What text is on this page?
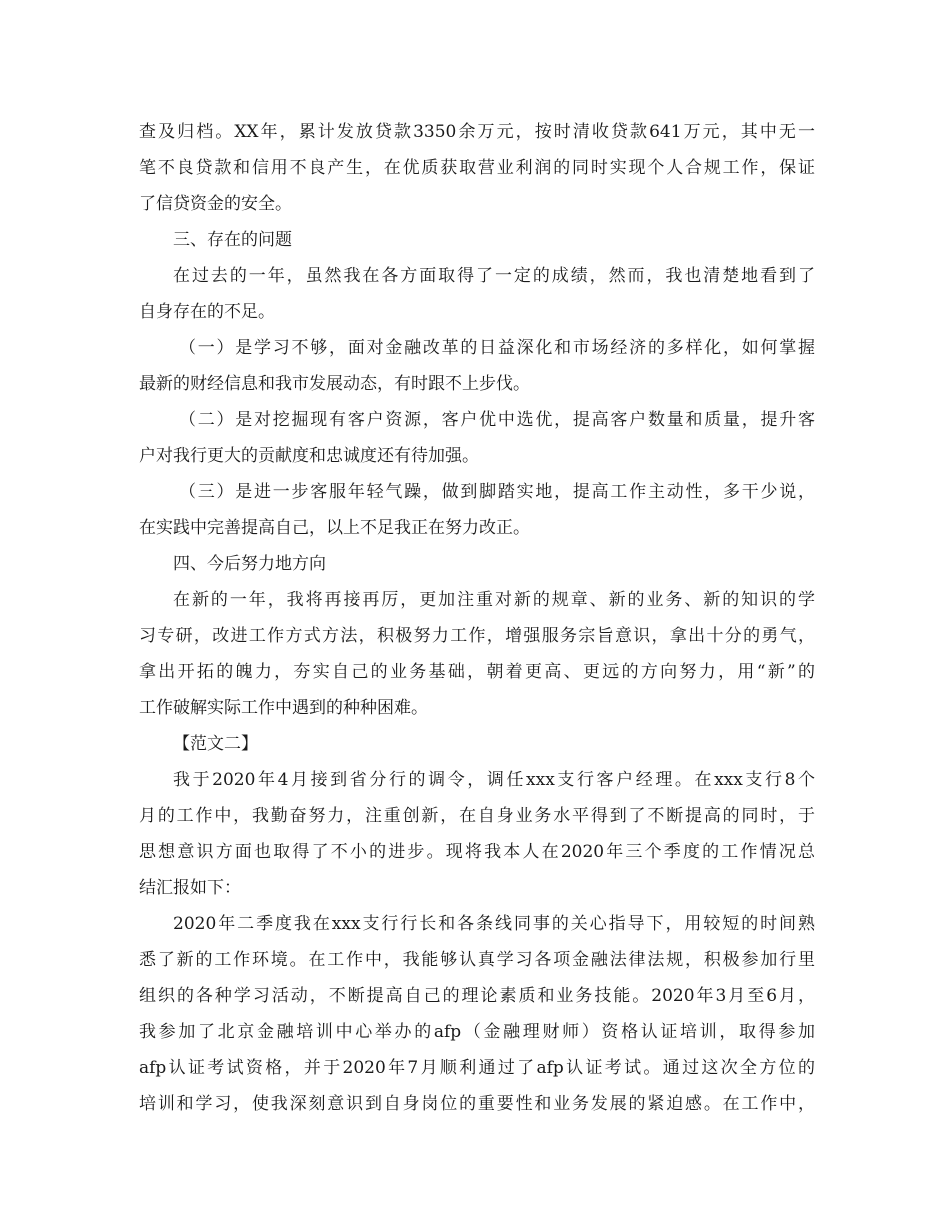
查及归档。XX年，累计发放贷款3350余万元，按时清收贷款641万元，其中无一
笔不良贷款和信用不良产生，在优质获取营业利润的同时实现个人合规工作，保证
了信贷资金的安全。
三、存在的问题
在过去的一年，虽然我在各方面取得了一定的成绩，然而，我也清楚地看到了
自身存在的不足。
（一）是学习不够，面对金融改革的日益深化和市场经济的多样化，如何掌握
最新的财经信息和我市发展动态，有时跟不上步伐。
（二）是对挖掘现有客户资源，客户优中选优，提高客户数量和质量，提升客
户对我行更大的贡献度和忠诚度还有待加强。
（三）是进一步客服年轻气躁，做到脚踏实地，提高工作主动性，多干少说，
在实践中完善提高自己，以上不足我正在努力改正。
四、今后努力地方向
在新的一年，我将再接再厉，更加注重对新的规章、新的业务、新的知识的学
习专研，改进工作方式方法，积极努力工作，增强服务宗旨意识，拿出十分的勇气，
拿出开拓的魄力，夯实自己的业务基础，朝着更高、更远的方向努力，用“新”的
工作破解实际工作中遇到的种种困难。
【范文二】
我于2020年4月接到省分行的调令，调任xxx支行客户经理。在xxx支行8个
月的工作中，我勤奋努力，注重创新，在自身业务水平得到了不断提高的同时，于
思想意识方面也取得了不小的进步。现将我本人在2020年三个季度的工作情况总
结汇报如下：
2020年二季度我在xxx支行行长和各条线同事的关心指导下，用较短的时间熟
悉了新的工作环境。在工作中，我能够认真学习各项金融法律法规，积极参加行里
组织的各种学习活动，不断提高自己的理论素质和业务技能。2020年3月至6月，
我参加了北京金融培训中心举办的afp（金融理财师）资格认证培训，取得参加
afp认证考试资格，并于2020年7月顺利通过了afp认证考试。通过这次全方位的
培训和学习，使我深刻意识到自身岗位的重要性和业务发展的紧迫感。在工作中，
